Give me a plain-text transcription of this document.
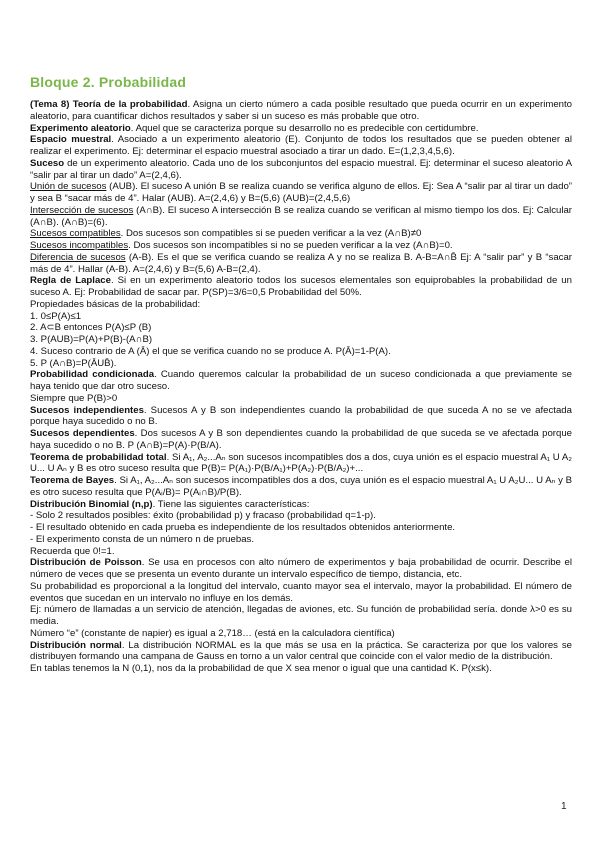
Bloque 2. Probabilidad

(Tema 8) Teoría de la probabilidad. Asigna un cierto número a cada posible resultado que pueda ocurrir en un experimento aleatorio, para cuantificar dichos resultados y saber si un suceso es más probable que otro.

Experimento aleatorio. Aquel que se caracteriza porque su desarrollo no es predecible con certidumbre.

Espacio muestral. Asociado a un experimento aleatorio (E). Conjunto de todos los resultados que se pueden obtener al realizar el experimento. Ej: determinar el espacio muestral asociado a tirar un dado. E=(1,2,3,4,5,6).

Suceso de un experimento aleatorio. Cada uno de los subconjuntos del espacio muestral. Ej: determinar el suceso aleatorio A “salir par al tirar un dado” A=(2,4,6).

Unión de sucesos (AUB). El suceso A unión B se realiza cuando se verifica alguno de ellos. Ej: Sea A “salir par al tirar un dado” y sea B “sacar más de 4”. Halar (AUB). A=(2,4,6) y B=(5,6) (AUB)=(2,4,5,6)

Intersección de sucesos (A∩B). El suceso A intersección B se realiza cuando se verifican al mismo tiempo los dos. Ej: Calcular (A∩B). (A∩B)=(6).

Sucesos compatibles. Dos sucesos son compatibles si se pueden verificar a la vez (A∩B)≠0

Sucesos incompatibles. Dos sucesos son incompatibles si no se pueden verificar a la vez (A∩B)=0.

Diferencia de sucesos (A-B). Es el que se verifica cuando se realiza A y no se realiza B. A-B=A∩B̄ Ej: A “salir par” y B “sacar más de 4”. Hallar (A-B). A=(2,4,6) y B=(5,6) A-B=(2,4).

Regla de Laplace. Si en un experimento aleatorio todos los sucesos elementales son equiprobables la probabilidad de un suceso A. Ej: Probabilidad de sacar par. P(SP)=3/6=0,5 Probabilidad del 50%.

Propiedades básicas de la probabilidad:

1. 0≤P(A)≤1

2. A⊂B entonces P(A)≤P (B)

3. P(AUB)=P(A)+P(B)-(A∩B)

4. Suceso contrario de A (Ā) el que se verifica cuando no se produce A. P(Ā)=1-P(A).

5. P (A∩B)=P(ĀUB̄).

Probabilidad condicionada. Cuando queremos calcular la probabilidad de un suceso condicionada a que previamente se haya tenido que dar otro suceso.

Siempre que P(B)>0

Sucesos independientes. Sucesos A y B son independientes cuando la probabilidad de que suceda A no se ve afectada porque haya sucedido o no B.

Sucesos dependientes. Dos sucesos A y B son dependientes cuando la probabilidad de que suceda se ve afectada porque haya sucedido o no B. P (A∩B)=P(A)·P(B/A).

Teorema de probabilidad total. Si A₁, A₂...Aₙ son sucesos incompatibles dos a dos, cuya unión es el espacio muestral A₁ U A₂ U... U Aₙ y B es otro suceso resulta que P(B)= P(A₁)·P(B/A₁)+P(A₂)·P(B/A₂)+...

Teorema de Bayes. Si A₁, A₂...Aₙ son sucesos incompatibles dos a dos, cuya unión es el espacio muestral A₁ U A₂U... U Aₙ y B es otro suceso resulta que P(Aᵢ/B)= P(Aᵢ∩B)/P(B).

Distribución Binomial (n,p). Tiene las siguientes características:

- Solo 2 resultados posibles: éxito (probabilidad p) y fracaso (probabilidad q=1-p).

- El resultado obtenido en cada prueba es independiente de los resultados obtenidos anteriormente.

- El experimento consta de un número n de pruebas.

Recuerda que 0!=1.

Distribución de Poisson. Se usa en procesos con alto número de experimentos y baja probabilidad de ocurrir. Describe el número de veces que se presenta un evento durante un intervalo específico de tiempo, distancia, etc.

Su probabilidad es proporcional a la longitud del intervalo, cuanto mayor sea el intervalo, mayor la probabilidad. El número de eventos que sucedan en un intervalo no influye en los demás.

Ej: número de llamadas a un servicio de atención, llegadas de aviones, etc. Su función de probabilidad sería. donde λ>0 es su media.

Número “e” (constante de napier) es igual a 2,718… (está en la calculadora científica)

Distribución normal. La distribución NORMAL es la que más se usa en la práctica. Se caracteriza por que los valores se distribuyen formando una campana de Gauss en torno a un valor central que coincide con el valor medio de la distribución.

En tablas tenemos la N (0,1), nos da la probabilidad de que X sea menor o igual que una cantidad K. P(x≤k).

1
